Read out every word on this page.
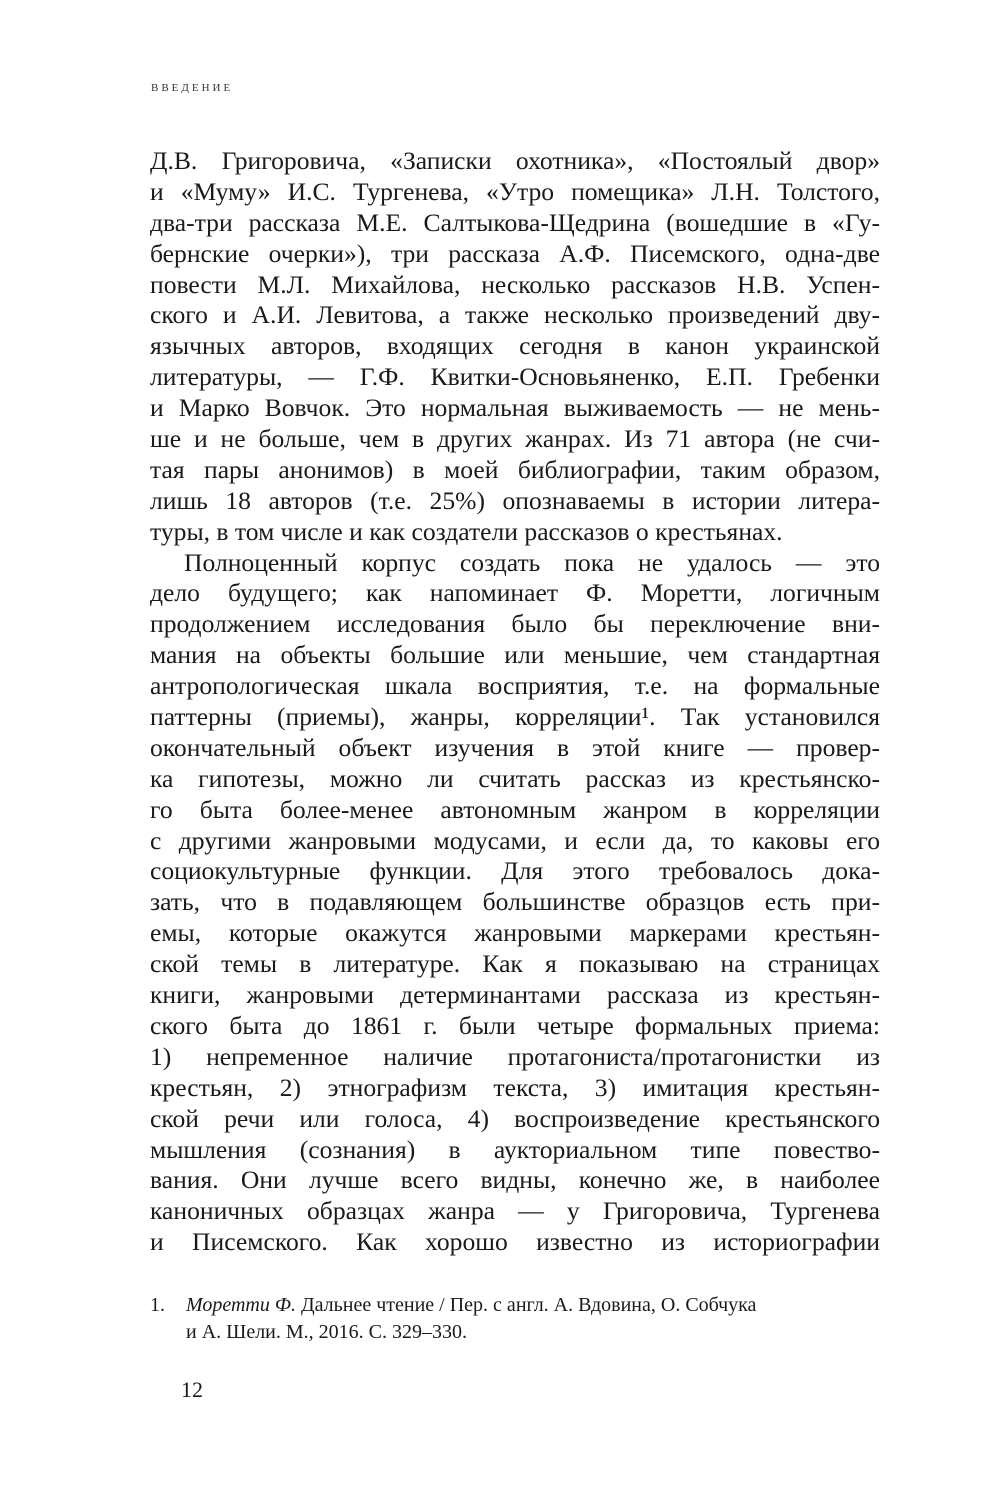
ВВЕДЕНИЕ
Д.В. Григоровича, «Записки охотника», «Постоялый двор»
и «Муму» И.С. Тургенева, «Утро помещика» Л.Н. Толстого,
два-три рассказа М.Е. Салтыкова-Щедрина (вошедшие в «Гу-
бернские очерки»), три рассказа А.Ф. Писемского, одна-две
повести М.Л. Михайлова, несколько рассказов Н.В. Успен-
ского и А.И. Левитова, а также несколько произведений дву-
язычных авторов, входящих сегодня в канон украинской
литературы, — Г.Ф. Квитки-Основьяненко, Е.П. Гребенки
и Марко Вовчок. Это нормальная выживаемость — не мень-
ше и не больше, чем в других жанрах. Из 71 автора (не счи-
тая пары анонимов) в моей библиографии, таким образом,
лишь 18 авторов (т.е. 25%) опознаваемы в истории литера-
туры, в том числе и как создатели рассказов о крестьянах.
Полноценный корпус создать пока не удалось — это
дело будущего; как напоминает Ф. Моретти, логичным
продолжением исследования было бы переключение вни-
мания на объекты большие или меньшие, чем стандартная
антропологическая шкала восприятия, т.е. на формальные
паттерны (приемы), жанры, корреляции¹. Так установился
окончательный объект изучения в этой книге — провер-
ка гипотезы, можно ли считать рассказ из крестьянско-
го быта более-менее автономным жанром в корреляции
с другими жанровыми модусами, и если да, то каковы его
социокультурные функции. Для этого требовалось дока-
зать, что в подавляющем большинстве образцов есть при-
емы, которые окажутся жанровыми маркерами крестьян-
ской темы в литературе. Как я показываю на страницах
книги, жанровыми детерминантами рассказа из крестьян-
ского быта до 1861 г. были четыре формальных приема:
1) непременное наличие протагониста/протагонистки из
крестьян, 2) этнографизм текста, 3) имитация крестьян-
ской речи или голоса, 4) воспроизведение крестьянского
мышления (сознания) в аукториальном типе повество-
вания. Они лучше всего видны, конечно же, в наиболее
каноничных образцах жанра — у Григоровича, Тургенева
и Писемского. Как хорошо известно из историографии
1. Моретти Ф. Дальнее чтение / Пер. с англ. А. Вдовина, О. Собчука
и А. Шели. М., 2016. С. 329–330.
12
